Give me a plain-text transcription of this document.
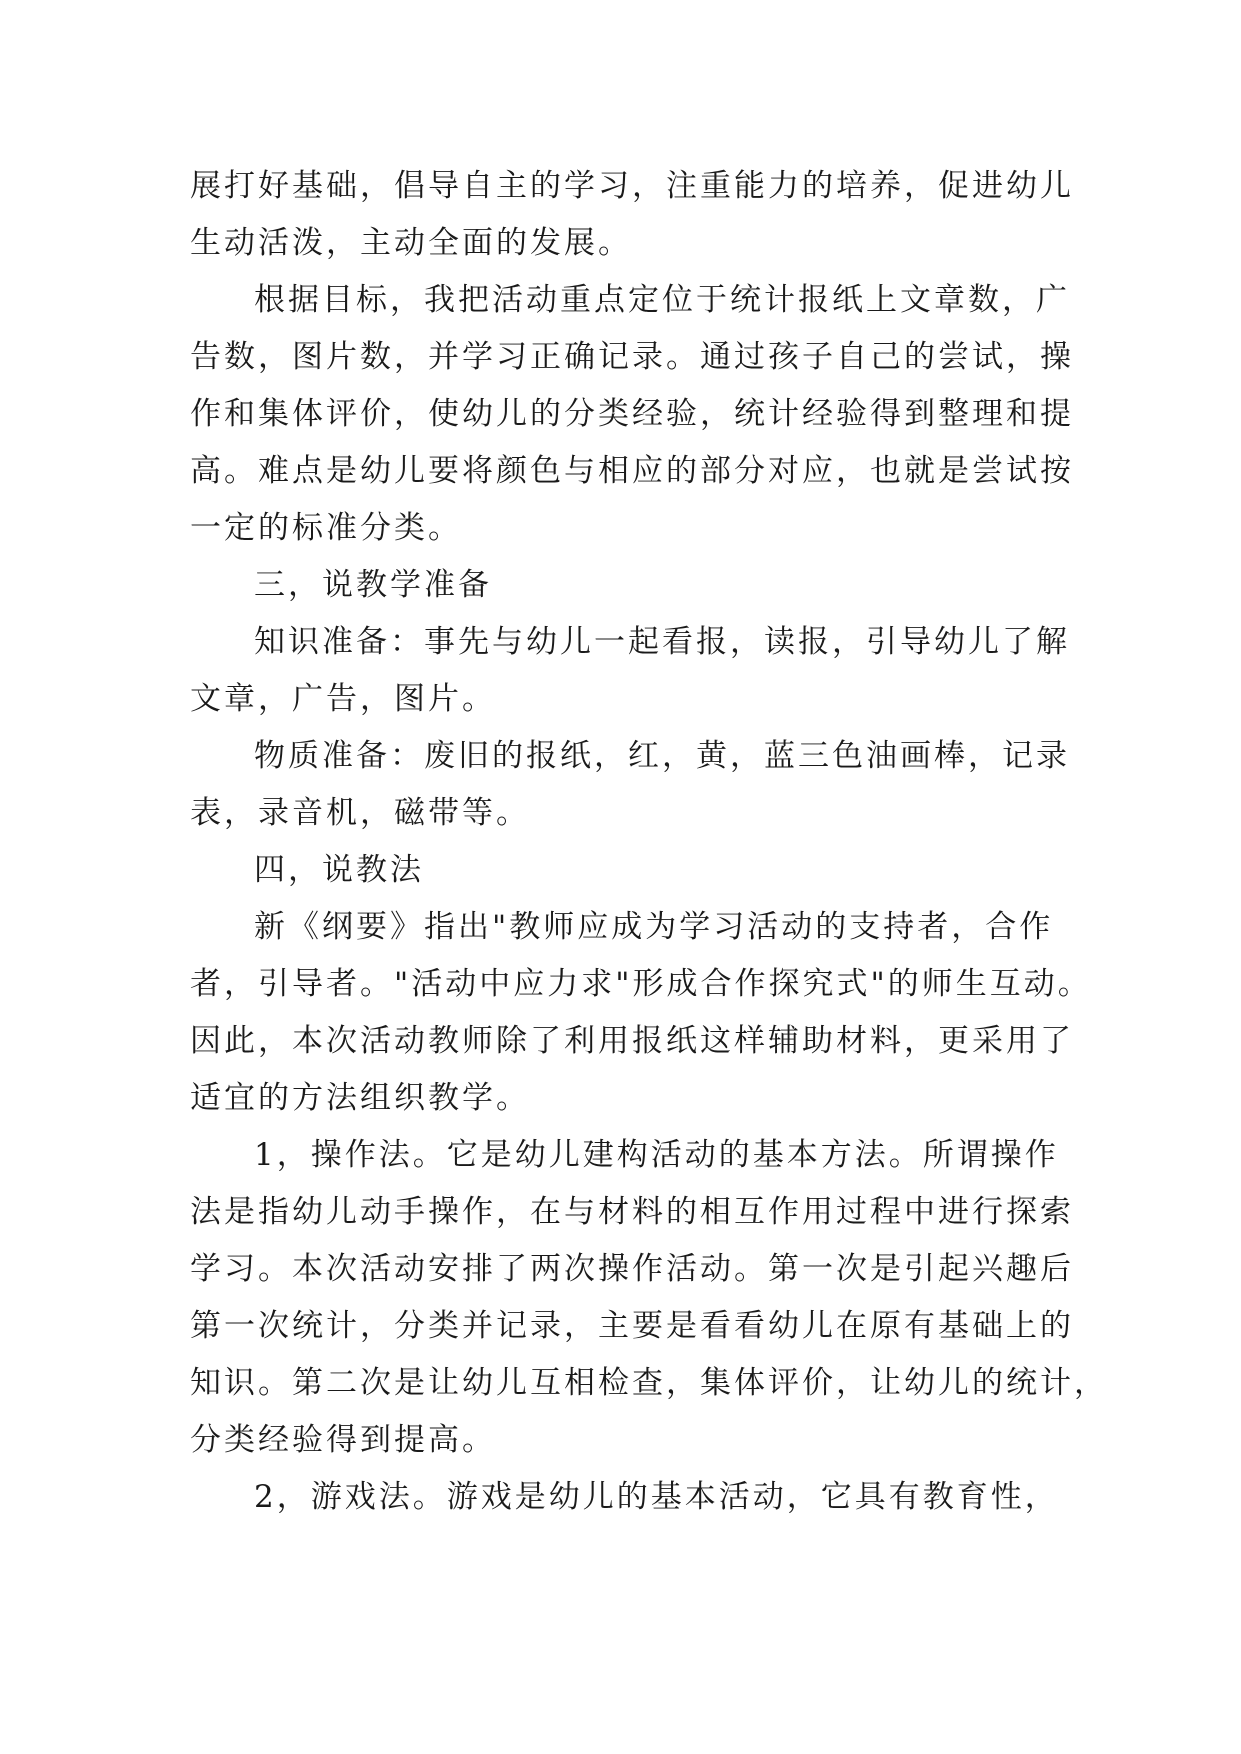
展打好基础，倡导自主的学习，注重能力的培养，促进幼儿
生动活泼，主动全面的发展。
根据目标，我把活动重点定位于统计报纸上文章数，广
告数，图片数，并学习正确记录。通过孩子自己的尝试，操
作和集体评价，使幼儿的分类经验，统计经验得到整理和提
高。难点是幼儿要将颜色与相应的部分对应，也就是尝试按
一定的标准分类。
三，说教学准备
知识准备：事先与幼儿一起看报，读报，引导幼儿了解
文章，广告，图片。
物质准备：废旧的报纸，红，黄，蓝三色油画棒，记录
表，录音机，磁带等。
四，说教法
新《纲要》指出"教师应成为学习活动的支持者，合作
者，引导者。"活动中应力求"形成合作探究式"的师生互动。
因此，本次活动教师除了利用报纸这样辅助材料，更采用了
适宜的方法组织教学。
1，操作法。它是幼儿建构活动的基本方法。所谓操作
法是指幼儿动手操作，在与材料的相互作用过程中进行探索
学习。本次活动安排了两次操作活动。第一次是引起兴趣后
第一次统计，分类并记录，主要是看看幼儿在原有基础上的
知识。第二次是让幼儿互相检查，集体评价，让幼儿的统计，
分类经验得到提高。
2，游戏法。游戏是幼儿的基本活动，它具有教育性，
